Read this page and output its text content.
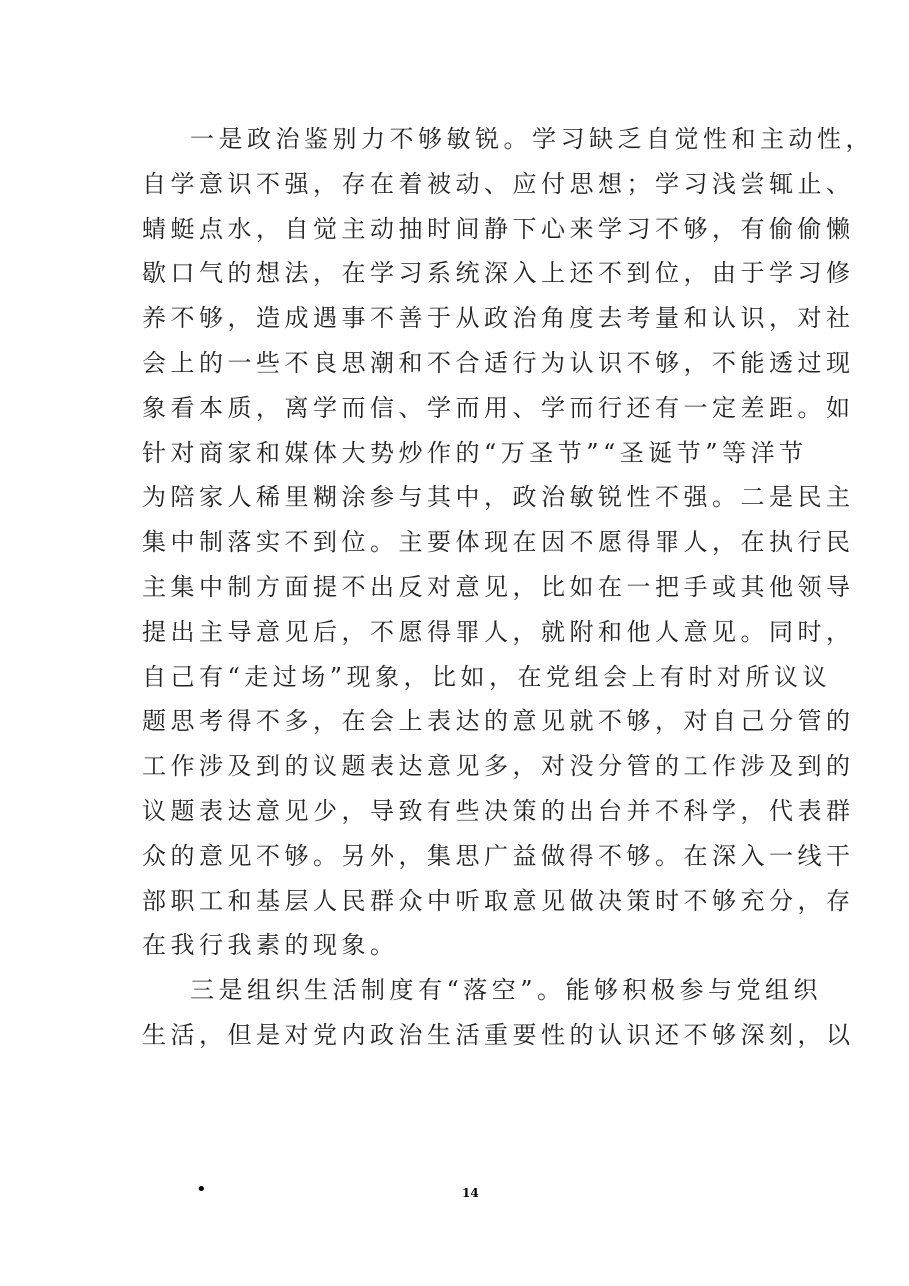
一是政治鉴别力不够敏锐。学习缺乏自觉性和主动性，
自学意识不强，存在着被动、应付思想；学习浅尝辄止、
蜻蜓点水，自觉主动抽时间静下心来学习不够，有偷偷懒
歇口气的想法，在学习系统深入上还不到位，由于学习修
养不够，造成遇事不善于从政治角度去考量和认识，对社
会上的一些不良思潮和不合适行为认识不够，不能透过现
象看本质，离学而信、学而用、学而行还有一定差距。如
针对商家和媒体大势炒作的“万圣节”“圣诞节”等洋节
为陪家人稀里糊涂参与其中，政治敏锐性不强。二是民主
集中制落实不到位。主要体现在因不愿得罪人，在执行民
主集中制方面提不出反对意见，比如在一把手或其他领导
提出主导意见后，不愿得罪人，就附和他人意见。同时，
自己有“走过场”现象，比如，在党组会上有时对所议议
题思考得不多，在会上表达的意见就不够，对自己分管的
工作涉及到的议题表达意见多，对没分管的工作涉及到的
议题表达意见少，导致有些决策的出台并不科学，代表群
众的意见不够。另外，集思广益做得不够。在深入一线干
部职工和基层人民群众中听取意见做决策时不够充分，存
在我行我素的现象。
三是组织生活制度有“落空”。能够积极参与党组织
生活，但是对党内政治生活重要性的认识还不够深刻，以
•	14
